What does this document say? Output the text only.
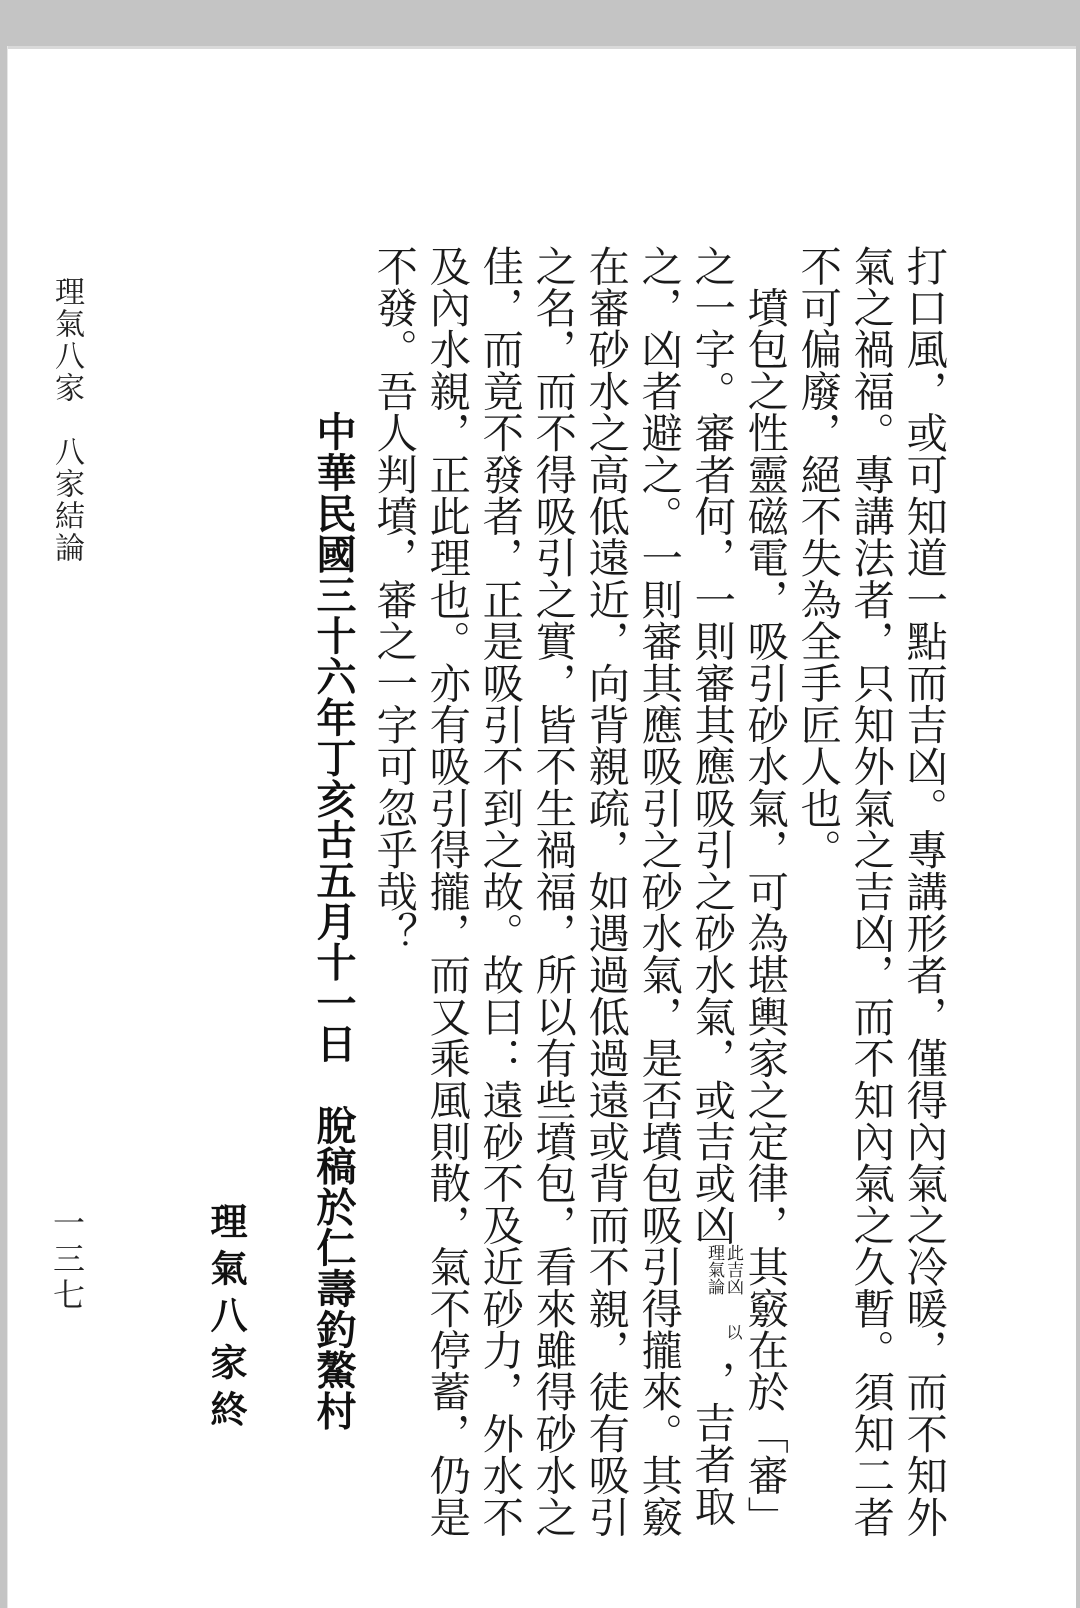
打口風，或可知道一點而吉凶。專講形者，僅得內氣之冷暖，而不知外
氣之禍福。專講法者，只知外氣之吉凶，而不知內氣之久暫。須知二者
不可偏廢，絕不失為全手匠人也。
　墳包之性靈磁電，吸引砂水氣，可為堪輿家之定律，其竅在於「審」
之一字。審者何，一則審其應吸引之砂水氣，或吉或凶
此吉凶
理氣論
以
，吉者取
之，凶者避之。一則審其應吸引之砂水氣，是否墳包吸引得攏來。其竅
在審砂水之高低遠近，向背親疏，如遇過低過遠或背而不親，徒有吸引
之名，而不得吸引之實，皆不生禍福，所以有些墳包，看來雖得砂水之
佳，而竟不發者，正是吸引不到之故。故曰：遠砂不及近砂力，外水不
及內水親，正此理也。亦有吸引得攏，而又乘風則散，氣不停蓄，仍是
不發。吾人判墳，審之一字可忽乎哉？
中華民國三十六年丁亥古五月十一日　脫稿於仁壽釣鰲村
理氣八家終
理氣八家　八家結論
一三七
